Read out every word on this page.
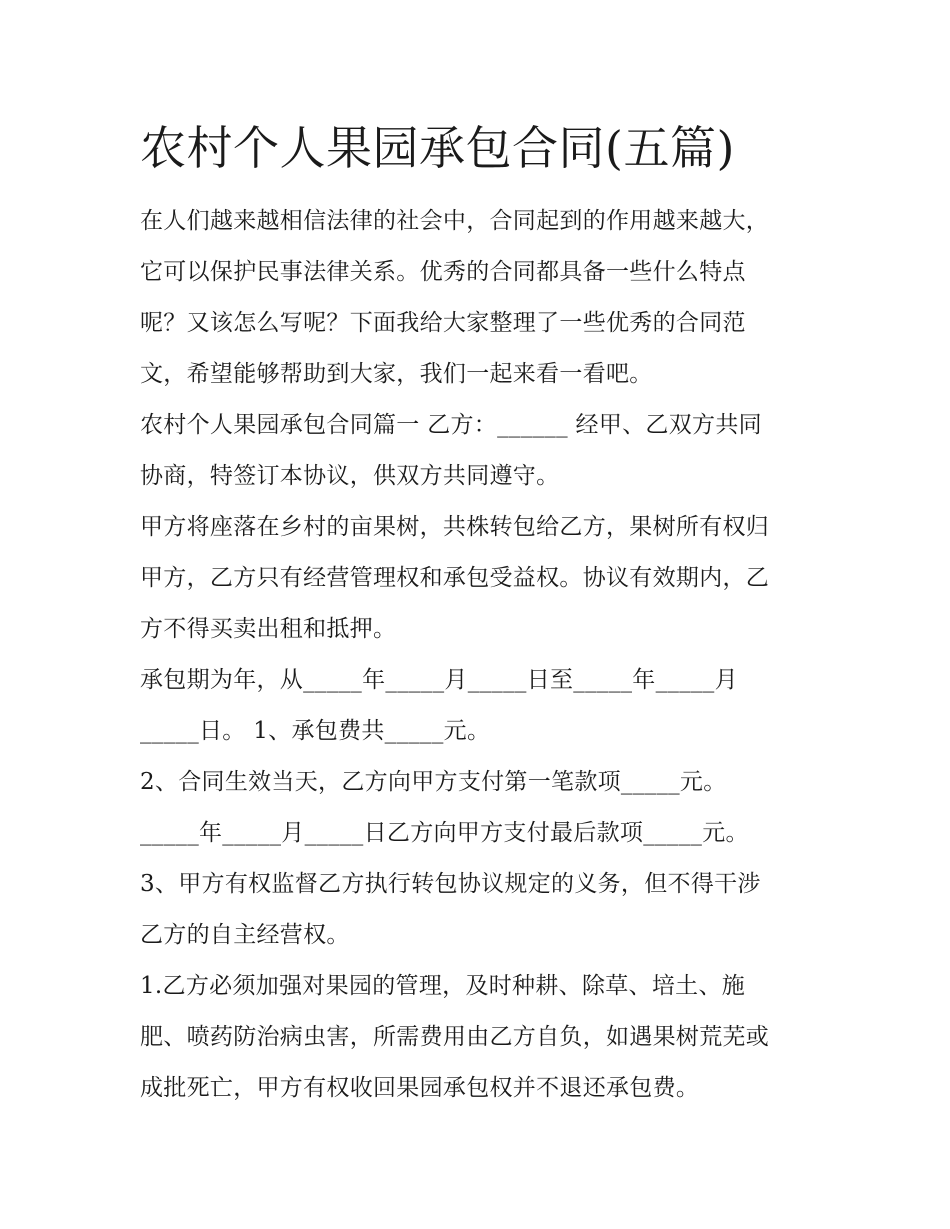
农村个人果园承包合同(五篇)

在人们越来越相信法律的社会中，合同起到的作用越来越大，
它可以保护民事法律关系。优秀的合同都具备一些什么特点
呢？又该怎么写呢？下面我给大家整理了一些优秀的合同范
文，希望能够帮助到大家，我们一起来看一看吧。

农村个人果园承包合同篇一 乙方：______ 经甲、乙双方共同
协商，特签订本协议，供双方共同遵守。

甲方将座落在乡村的亩果树，共株转包给乙方，果树所有权归
甲方，乙方只有经营管理权和承包受益权。协议有效期内，乙
方不得买卖出租和抵押。

承包期为年，从_____年_____月_____日至_____年_____月
_____日。 1、承包费共_____元。

2、合同生效当天，乙方向甲方支付第一笔款项_____元。
_____年_____月_____日乙方向甲方支付最后款项_____元。

3、甲方有权监督乙方执行转包协议规定的义务，但不得干涉
乙方的自主经营权。

1.乙方必须加强对果园的管理，及时种耕、除草、培土、施
肥、喷药防治病虫害，所需费用由乙方自负，如遇果树荒芜或
成批死亡，甲方有权收回果园承包权并不退还承包费。
